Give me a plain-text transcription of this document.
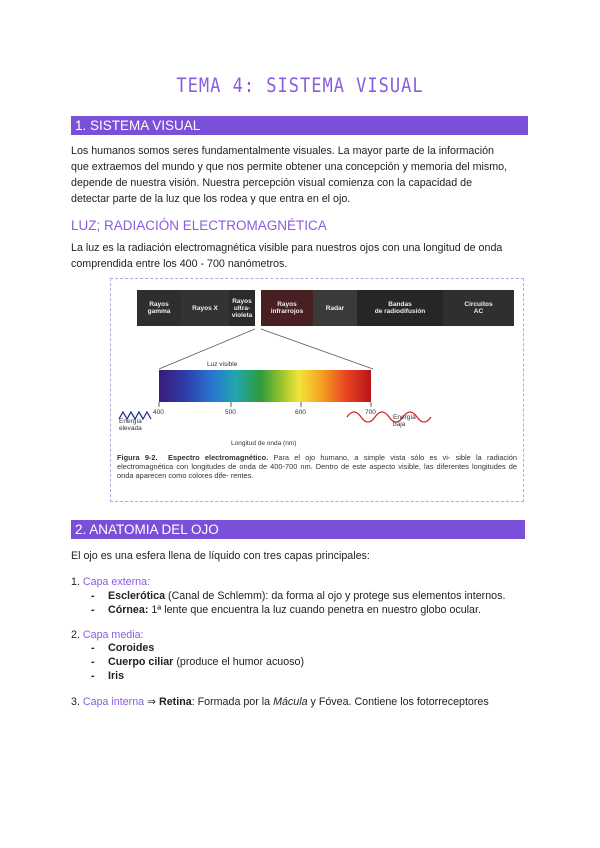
TEMA 4: SISTEMA VISUAL
1. SISTEMA VISUAL
Los humanos somos seres fundamentalmente visuales. La mayor parte de la información
que extraemos del mundo y que nos permite obtener una concepción y memoria del mismo,
depende de nuestra visión. Nuestra percepción visual comienza con la capacidad de
detectar parte de la luz que los rodea y que entra en el ojo.
LUZ; RADIACIÓN ELECTROMAGNÉTICA
La luz es la radiación electromagnética visible para nuestros ojos con una longitud de onda
comprendida entre los 400 - 700 nanómetros.
Rayos
gamma	Rayos X
Rayos
ultra-
violeta
Rayos
infrarrojos	Radar	Bandas
de radiodifusión
Circuitos
AC
Luz visible
400	500	600	700
Energía
elevada
Energía
baja
Longitud de onda (nm)
Figura 9-2. Espectro electromagnético. Para el ojo humano, a simple vista sólo es vi- sible la radiación electromagnética con longitudes de onda de 400-700 nm. Dentro de este aspecto visible, las diferentes longitudes de onda aparecen como colores dife- rentes.
2. ANATOMIA DEL OJO
El ojo es una esfera llena de líquido con tres capas principales:
1. Capa externa:
- Esclerótica (Canal de Schlemm): da forma al ojo y protege sus elementos internos.
- Córnea: 1ª lente que encuentra la luz cuando penetra en nuestro globo ocular.
2. Capa media:
- Coroides
- Cuerpo ciliar (produce el humor acuoso)
- Iris
3. Capa interna ⇒ Retina: Formada por la Mácula y Fóvea. Contiene los fotorreceptores
